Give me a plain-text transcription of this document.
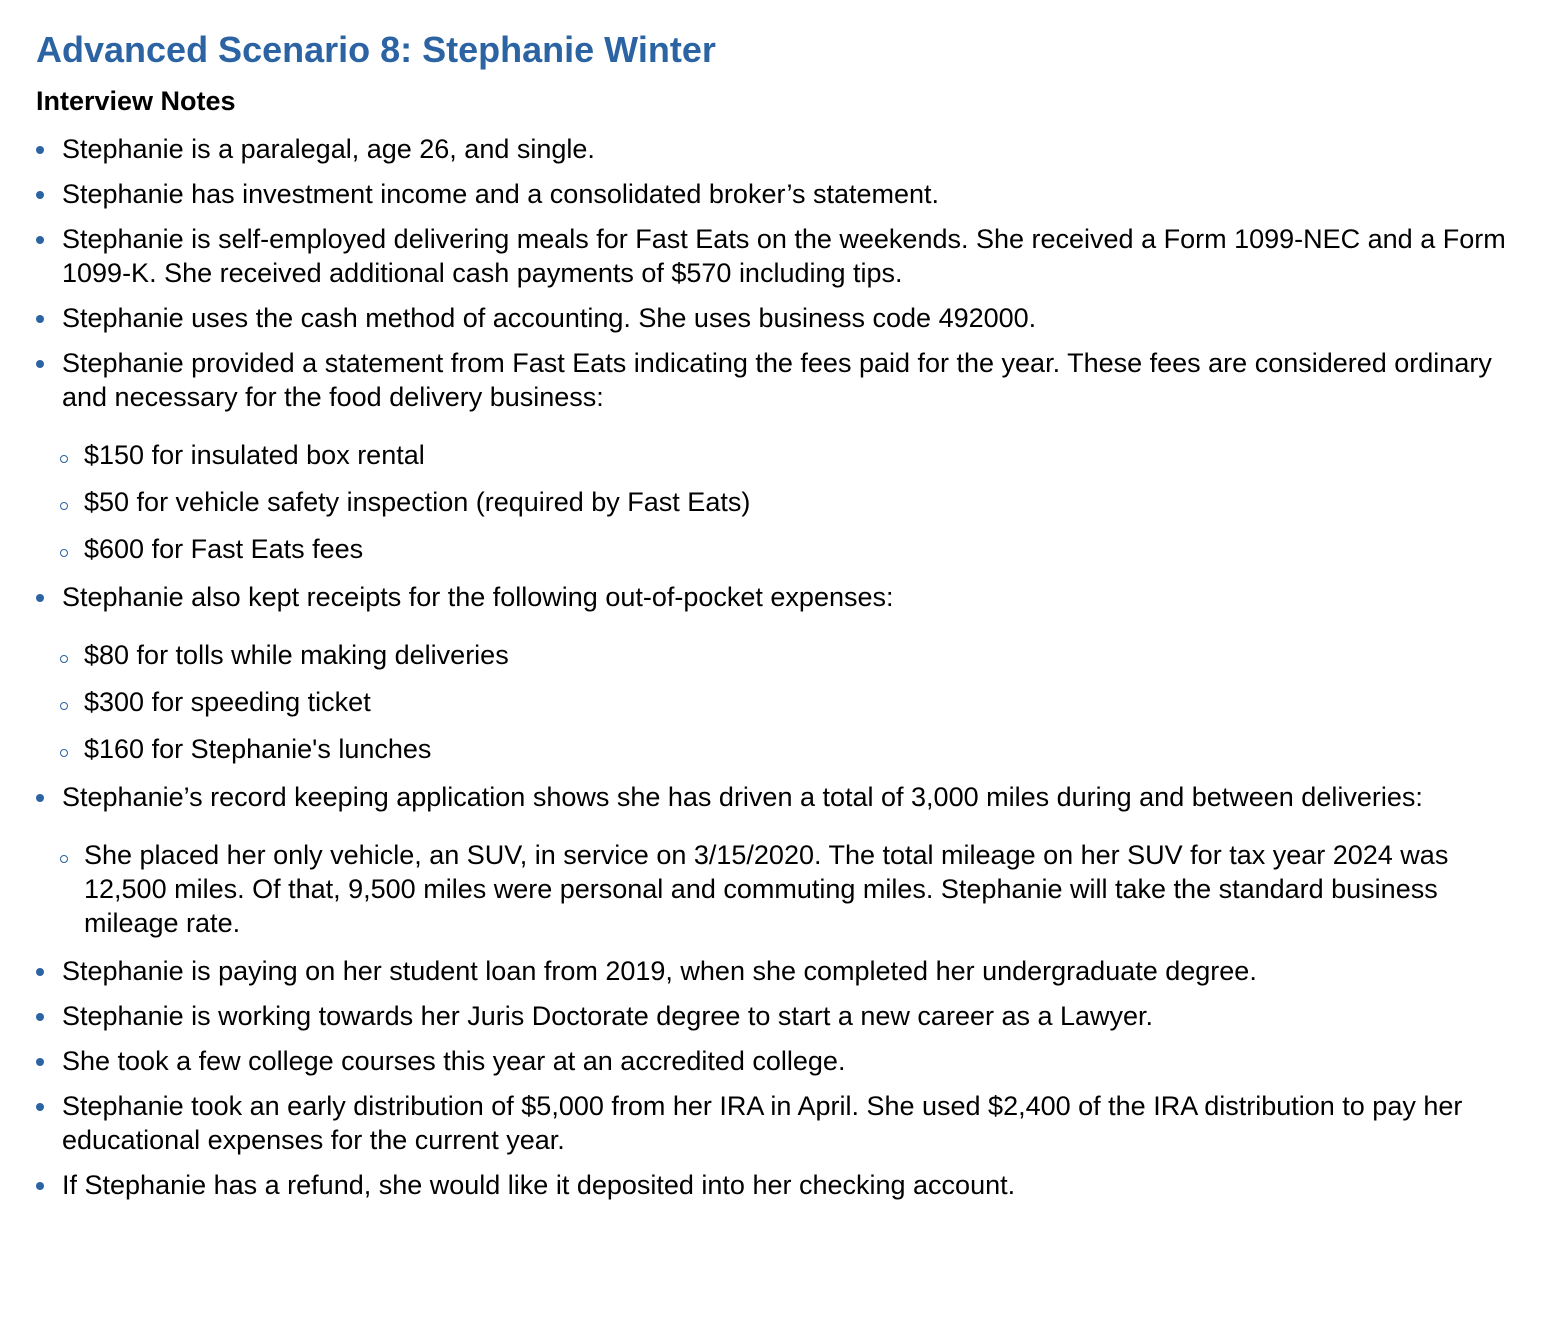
Advanced Scenario 8: Stephanie Winter
Interview Notes
Stephanie is a paralegal, age 26, and single.
Stephanie has investment income and a consolidated broker’s statement.
Stephanie is self-employed delivering meals for Fast Eats on the weekends. She received a Form 1099-NEC and a Form 1099-K. She received additional cash payments of $570 including tips.
Stephanie uses the cash method of accounting. She uses business code 492000.
Stephanie provided a statement from Fast Eats indicating the fees paid for the year. These fees are considered ordinary and necessary for the food delivery business:
$150 for insulated box rental
$50 for vehicle safety inspection (required by Fast Eats)
$600 for Fast Eats fees
Stephanie also kept receipts for the following out-of-pocket expenses:
$80 for tolls while making deliveries
$300 for speeding ticket
$160 for Stephanie's lunches
Stephanie’s record keeping application shows she has driven a total of 3,000 miles during and between deliveries:
She placed her only vehicle, an SUV, in service on 3/15/2020. The total mileage on her SUV for tax year 2024 was 12,500 miles. Of that, 9,500 miles were personal and commuting miles. Stephanie will take the standard business mileage rate.
Stephanie is paying on her student loan from 2019, when she completed her undergraduate degree.
Stephanie is working towards her Juris Doctorate degree to start a new career as a Lawyer.
She took a few college courses this year at an accredited college.
Stephanie took an early distribution of $5,000 from her IRA in April. She used $2,400 of the IRA distribution to pay her educational expenses for the current year.
If Stephanie has a refund, she would like it deposited into her checking account.
